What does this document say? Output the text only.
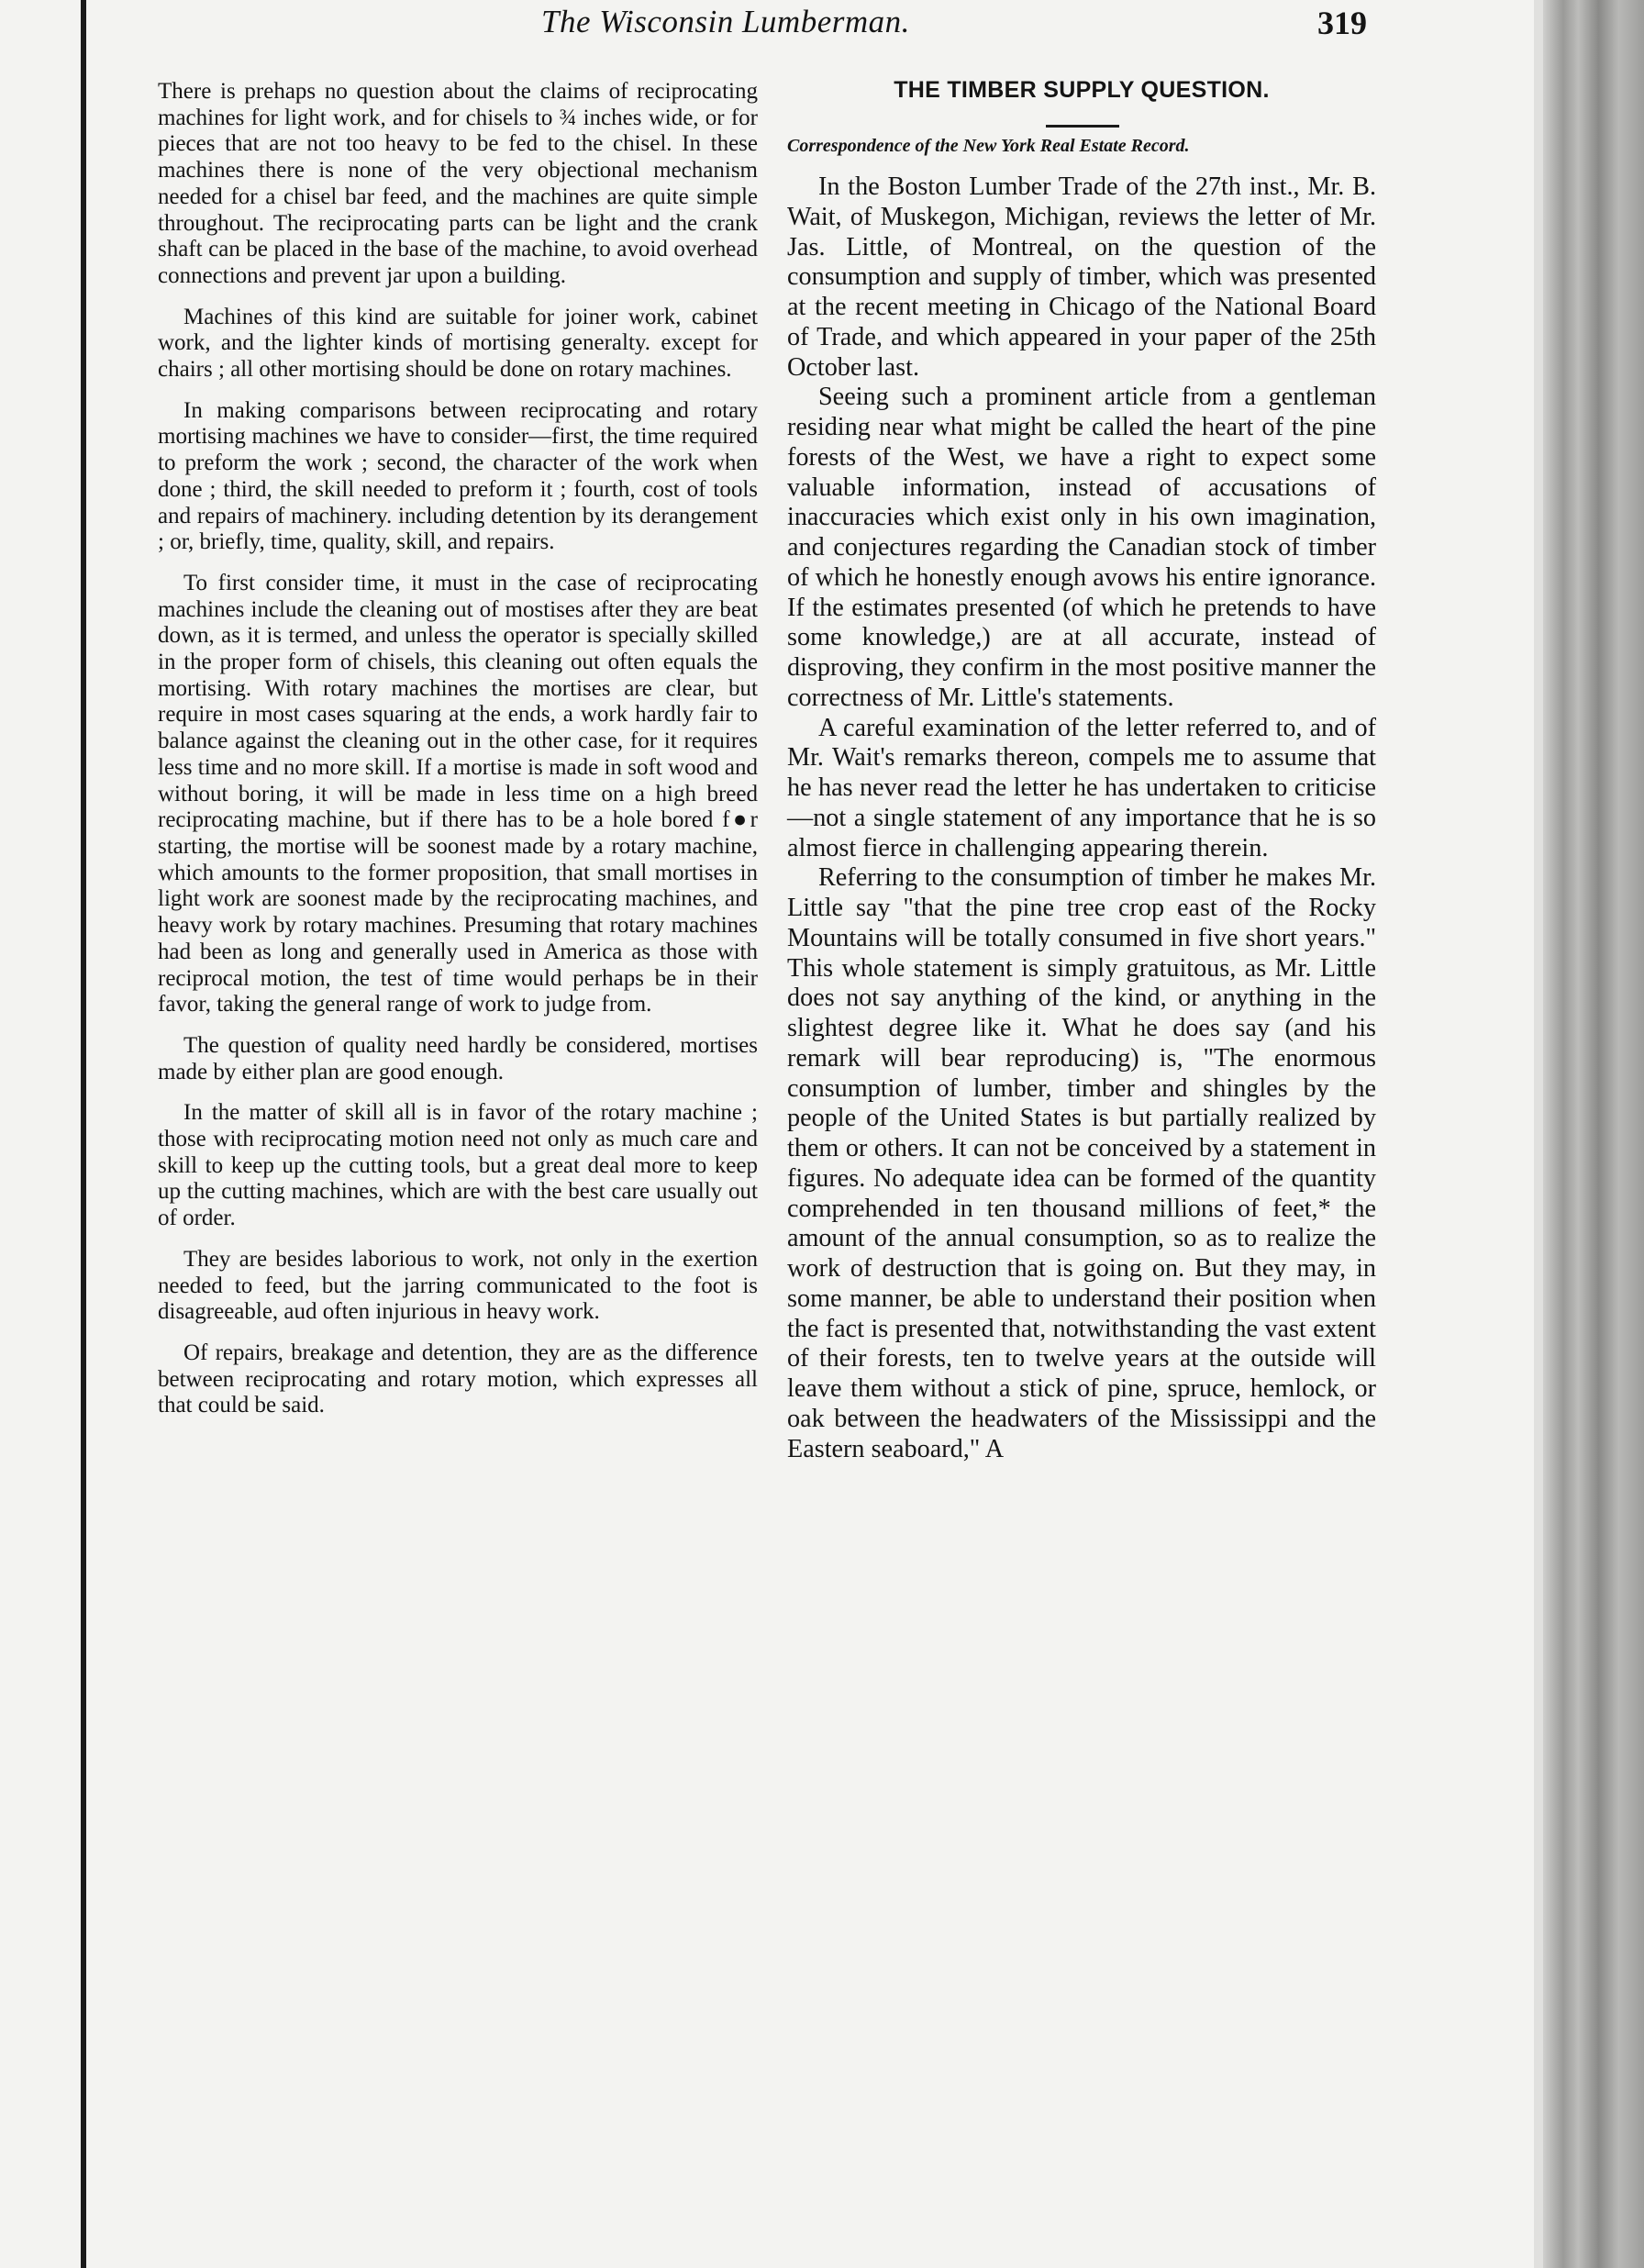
The Wisconsin Lumberman.	319

There is prehaps no question about the claims of reciprocating machines for light work, and for chisels to ¾ inches wide, or for pieces that are not too heavy to be fed to the chisel. In these machines there is none of the very objectional mechanism needed for a chisel bar feed, and the machines are quite simple throughout. The reciprocating parts can be light and the crank shaft can be placed in the base of the machine, to avoid overhead connections and prevent jar upon a building.

Machines of this kind are suitable for joiner work, cabinet work, and the lighter kinds of mortising generalty. except for chairs ; all other mortising should be done on rotary machines.

In making comparisons between reciprocating and rotary mortising machines we have to consider—first, the time required to preform the work ; second, the character of the work when done ; third, the skill needed to preform it ; fourth, cost of tools and repairs of machinery. including detention by its derangement ; or, briefly, time, quality, skill, and repairs.

To first consider time, it must in the case of reciprocating machines include the cleaning out of mostises after they are beat down, as it is termed, and unless the operator is specially skilled in the proper form of chisels, this cleaning out often equals the mortising. With rotary machines the mortises are clear, but require in most cases squaring at the ends, a work hardly fair to balance against the cleaning out in the other case, for it requires less time and no more skill. If a mortise is made in soft wood and without boring, it will be made in less time on a high breed reciprocating machine, but if there has to be a hole bored f●r starting, the mortise will be soonest made by a rotary machine, which amounts to the former proposition, that small mortises in light work are soonest made by the reciprocating machines, and heavy work by rotary machines. Presuming that rotary machines had been as long and generally used in America as those with reciprocal motion, the test of time would perhaps be in their favor, taking the general range of work to judge from.

The question of quality need hardly be considered, mortises made by either plan are good enough.

In the matter of skill all is in favor of the rotary machine ; those with reciprocating motion need not only as much care and skill to keep up the cutting tools, but a great deal more to keep up the cutting machines, which are with the best care usually out of order.

They are besides laborious to work, not only in the exertion needed to feed, but the jarring communicated to the foot is disagreeable, aud often injurious in heavy work.

Of repairs, breakage and detention, they are as the difference between reciprocating and rotary motion, which expresses all that could be said.

THE TIMBER SUPPLY QUESTION.
Correspondence of the New York Real Estate Record.

In the Boston Lumber Trade of the 27th inst., Mr. B. Wait, of Muskegon, Michigan, reviews the letter of Mr. Jas. Little, of Montreal, on the question of the consumption and supply of timber, which was presented at the recent meeting in Chicago of the National Board of Trade, and which appeared in your paper of the 25th October last.

Seeing such a prominent article from a gentleman residing near what might be called the heart of the pine forests of the West, we have a right to expect some valuable information, instead of accusations of inaccuracies which exist only in his own imagination, and conjectures regarding the Canadian stock of timber of which he honestly enough avows his entire ignorance. If the estimates presented (of which he pretends to have some knowledge,) are at all accurate, instead of disproving, they confirm in the most positive manner the correctness of Mr. Little's statements.

A careful examination of the letter referred to, and of Mr. Wait's remarks thereon, compels me to assume that he has never read the letter he has undertaken to criticise—not a single statement of any importance that he is so almost fierce in challenging appearing therein.

Referring to the consumption of timber he makes Mr. Little say "that the pine tree crop east of the Rocky Mountains will be totally consumed in five short years." This whole statement is simply gratuitous, as Mr. Little does not say anything of the kind, or anything in the slightest degree like it. What he does say (and his remark will bear reproducing) is, "The enormous consumption of lumber, timber and shingles by the people of the United States is but partially realized by them or others. It can not be conceived by a statement in figures. No adequate idea can be formed of the quantity comprehended in ten thousand millions of feet,* the amount of the annual consumption, so as to realize the work of destruction that is going on. But they may, in some manner, be able to understand their position when the fact is presented that, notwithstanding the vast extent of their forests, ten to twelve years at the outside will leave them without a stick of pine, spruce, hemlock, or oak between the headwaters of the Mississippi and the Eastern seaboard," A
